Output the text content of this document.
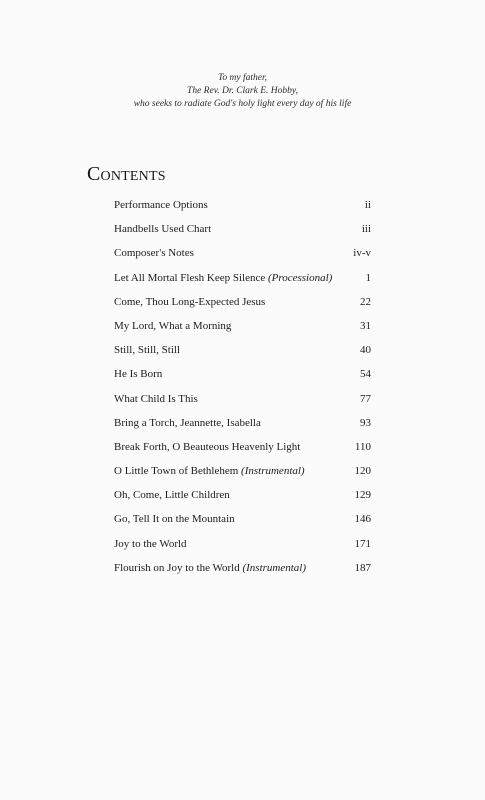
To my father,
The Rev. Dr. Clark E. Hobby,
who seeks to radiate God's holy light every day of his life
Contents
Performance Options	ii
Handbells Used Chart	iii
Composer's Notes	iv-v
Let All Mortal Flesh Keep Silence (Processional)	1
Come, Thou Long-Expected Jesus	22
My Lord, What a Morning	31
Still, Still, Still	40
He Is Born	54
What Child Is This	77
Bring a Torch, Jeannette, Isabella	93
Break Forth, O Beauteous Heavenly Light	110
O Little Town of Bethlehem (Instrumental)	120
Oh, Come, Little Children	129
Go, Tell It on the Mountain	146
Joy to the World	171
Flourish on Joy to the World (Instrumental)	187
